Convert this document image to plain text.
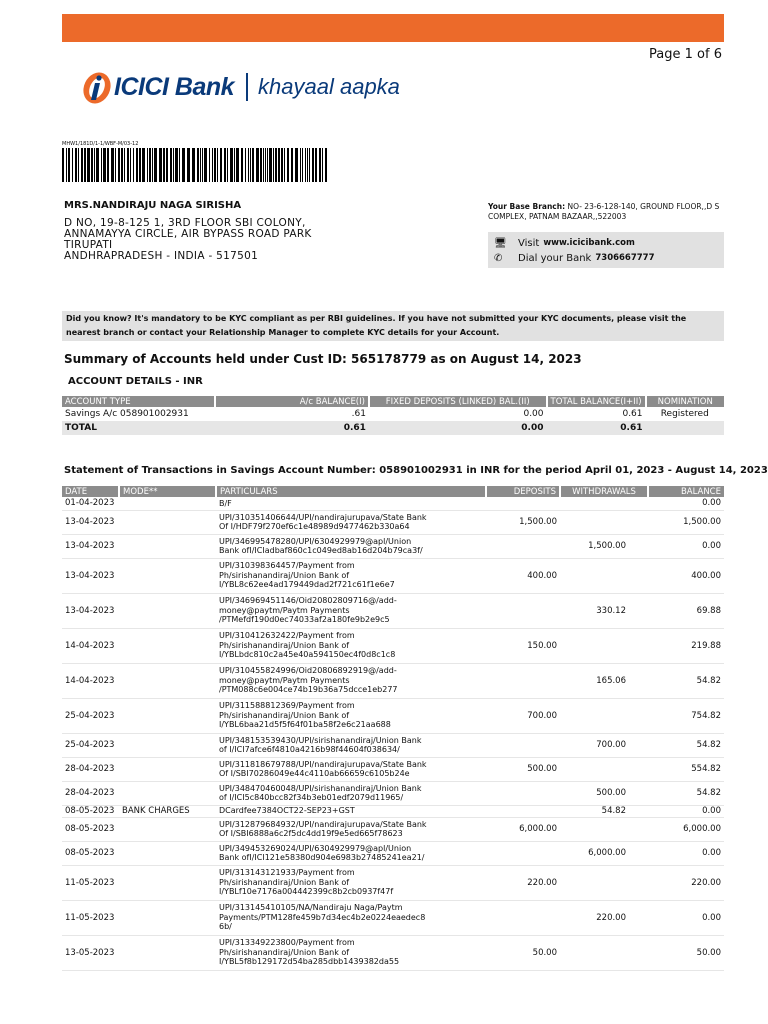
Page 1 of 6
ICICI Bank khayaal aapka
MHW1/181D/1-1/WBF-M/03-12
MRS.NANDIRAJU NAGA SIRISHA
D NO, 19-8-125 1, 3RD FLOOR SBI COLONY,
ANNAMAYYA CIRCLE, AIR BYPASS ROAD PARK
TIRUPATI
ANDHRAPRADESH - INDIA - 517501
Your Base Branch: NO- 23-6-128-140, GROUND FLOOR,,D S COMPLEX, PATNAM BAZAAR,,522003
🖥 Visit www.icicibank.com
✆	Dial your Bank 7306667777
Did you know? It's mandatory to be KYC compliant as per RBI guidelines. If you have not submitted your KYC documents, please visit the nearest branch or contact your Relationship Manager to complete KYC details for your Account.
Summary of Accounts held under Cust ID: 565178779 as on August 14, 2023
ACCOUNT DETAILS - INR
ACCOUNT TYPE	A/c BALANCE(I)	FIXED DEPOSITS (LINKED) BAL.(II)	TOTAL BALANCE(I+II)	NOMINATION
Savings A/c 058901002931	.61	0.00	0.61	Registered
TOTAL	0.61	0.00	0.61	
Statement of Transactions in Savings Account Number: 058901002931 in INR for the period April 01, 2023 - August 14, 2023
DATE	MODE**	PARTICULARS	DEPOSITS	WITHDRAWALS	BALANCE
01-04-2023		B/F			0.00
13-04-2023		UPI/310351406644/UPI/nandirajurupava/State Bank
Of I/HDF79f270ef6c1e48989d9477462b330a64	1,500.00		1,500.00
13-04-2023		UPI/346995478280/UPI/6304929979@apl/Union
Bank ofI/ICIadbaf860c1c049ed8ab16d204b79ca3f/		1,500.00	0.00
13-04-2023		UPI/310398364457/Payment from
Ph/sirishanandiraj/Union Bank of
I/YBL8c62ee4ad179449dad2f721c61f1e6e7	400.00		400.00
13-04-2023		UPI/346969451146/Oid20802809716@/add-
money@paytm/Paytm Payments
/PTMefdf190d0ec74033af2a180fe9b2e9c5		330.12	69.88
14-04-2023		UPI/310412632422/Payment from
Ph/sirishanandiraj/Union Bank of
I/YBLbdc810c2a45e40a594150ec4f0d8c1c8	150.00		219.88
14-04-2023		UPI/310455824996/Oid20806892919@/add-
money@paytm/Paytm Payments
/PTM088c6e004ce74b19b36a75dcce1eb277		165.06	54.82
25-04-2023		UPI/311588812369/Payment from
Ph/sirishanandiraj/Union Bank of
I/YBL6baa21d5f5f64f01ba58f2e6c21aa688	700.00		754.82
25-04-2023		UPI/348153539430/UPI/sirishanandiraj/Union Bank
of I/ICI7afce6f4810a4216b98f44604f038634/		700.00	54.82
28-04-2023		UPI/311818679788/UPI/nandirajurupava/State Bank
Of I/SBI70286049e44c4110ab66659c6105b24e	500.00		554.82
28-04-2023		UPI/348470460048/UPI/sirishanandiraj/Union Bank
of I/ICI5c840bcc82f34b3eb01edf2079d11965/		500.00	54.82
08-05-2023	BANK CHARGES	DCardfee7384OCT22-SEP23+GST		54.82	0.00
08-05-2023		UPI/312879684932/UPI/nandirajurupava/State Bank
Of I/SBI6888a6c2f5dc4dd19f9e5ed665f78623	6,000.00		6,000.00
08-05-2023		UPI/349453269024/UPI/6304929979@apl/Union
Bank ofI/ICI121e58380d904e6983b27485241ea21/		6,000.00	0.00
11-05-2023		UPI/313143121933/Payment from
Ph/sirishanandiraj/Union Bank of
I/YBLf10e7176a004442399c8b2cb0937f47f	220.00		220.00
11-05-2023		UPI/313145410105/NA/Nandiraju Naga/Paytm
Payments/PTM128fe459b7d34ec4b2e0224eaedec8
6b/		220.00	0.00
13-05-2023		UPI/313349223800/Payment from
Ph/sirishanandiraj/Union Bank of
I/YBL5f8b129172d54ba285dbb1439382da55	50.00		50.00
